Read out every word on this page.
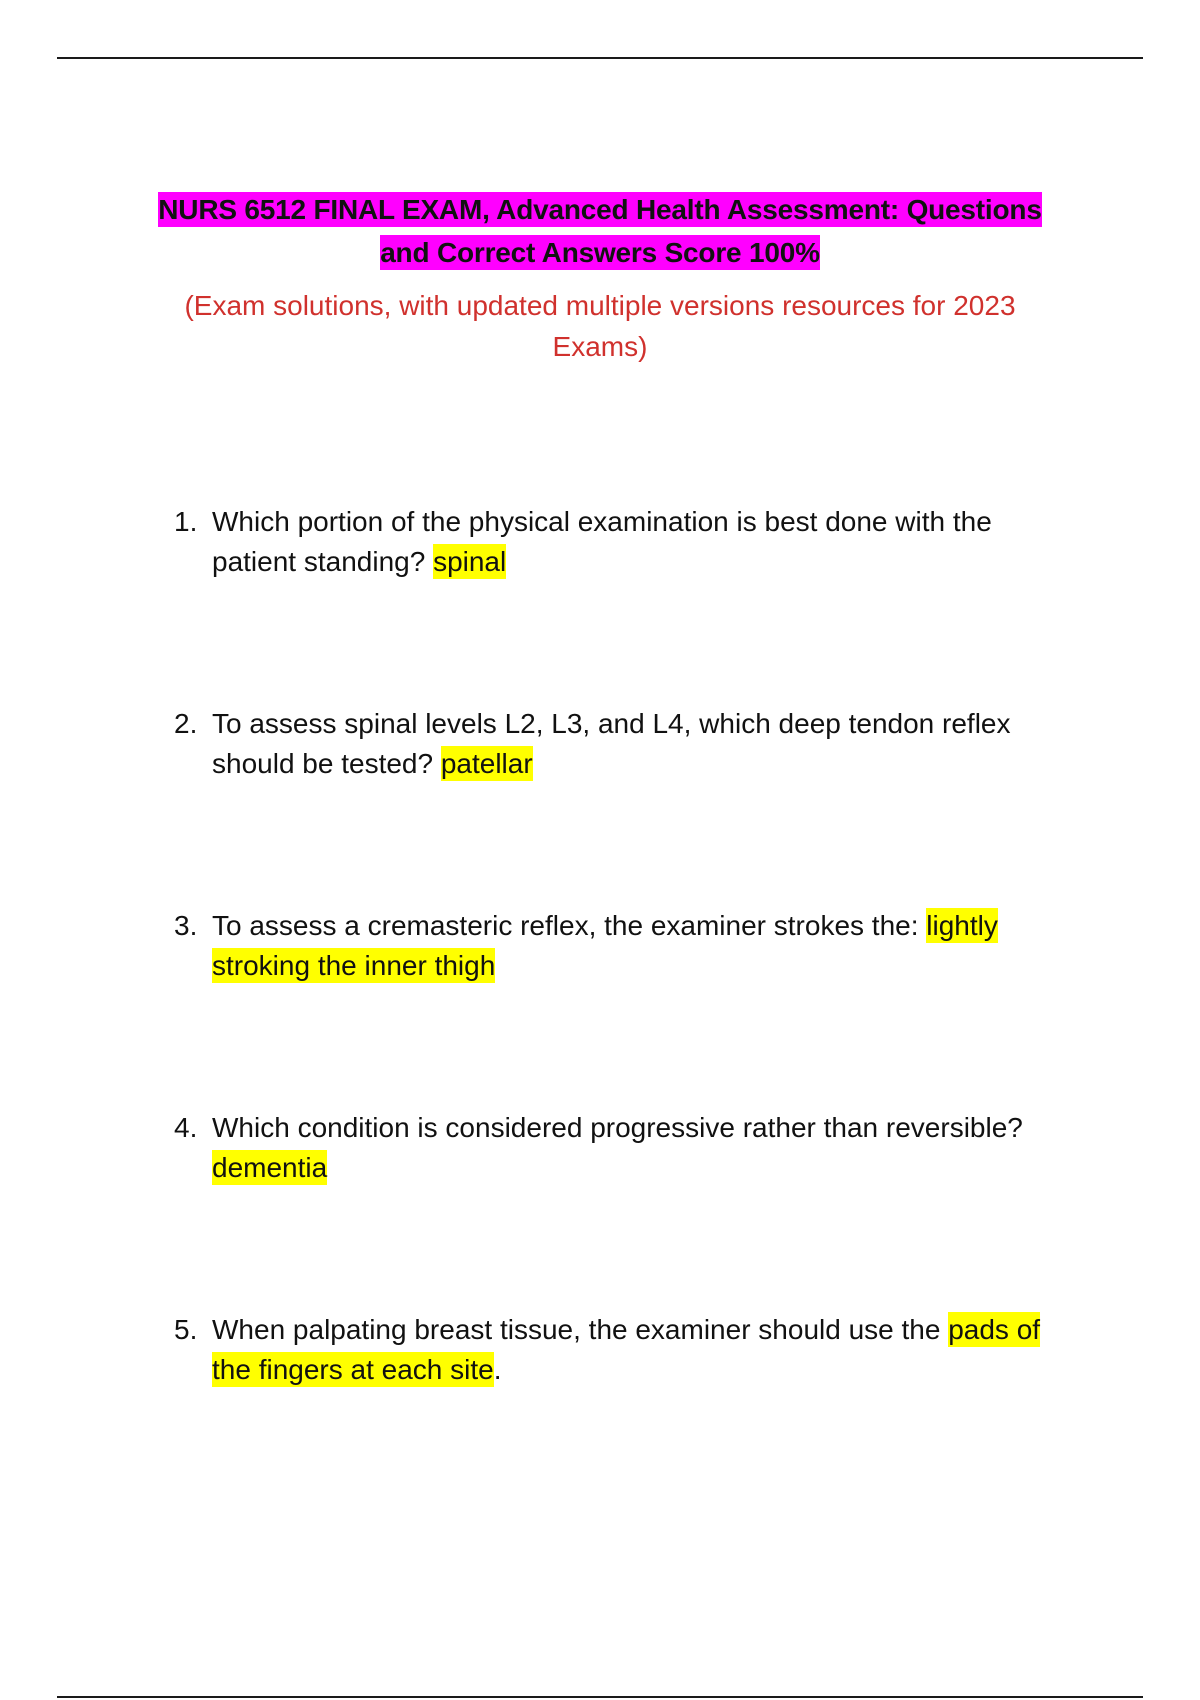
NURS 6512 FINAL EXAM, Advanced Health Assessment: Questions
and Correct Answers Score 100%
(Exam solutions, with updated multiple versions resources for 2023
Exams)
1. Which portion of the physical examination is best done with the patient standing? spinal
2. To assess spinal levels L2, L3, and L4, which deep tendon reflex should be tested? patellar
3. To assess a cremasteric reflex, the examiner strokes the: lightly stroking the inner thigh
4. Which condition is considered progressive rather than reversible? dementia
5. When palpating breast tissue, the examiner should use the pads of the fingers at each site.
